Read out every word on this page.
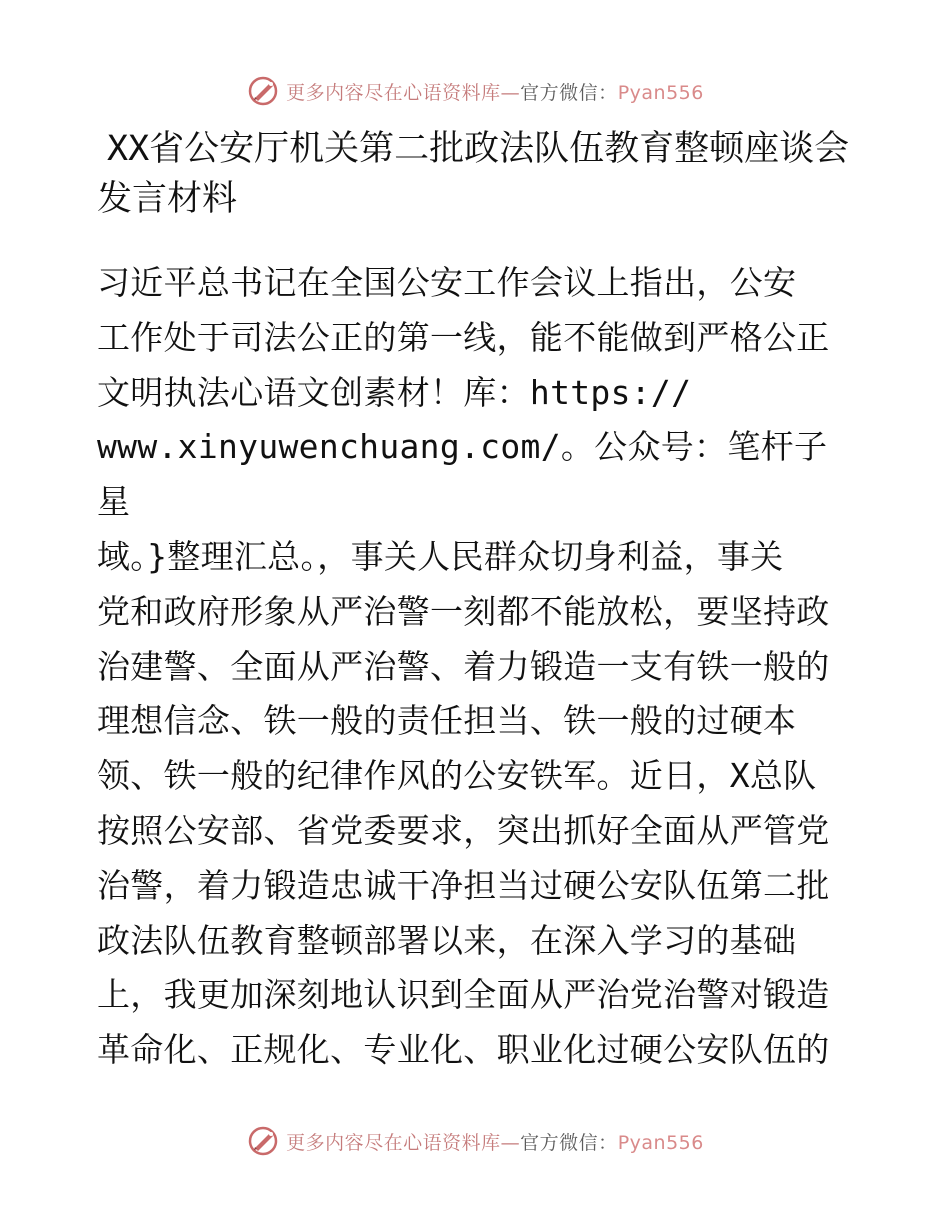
更多内容尽在心语资料库—官方微信：Pyan556
XX省公安厅机关第二批政法队伍教育整顿座谈会发言材料
习近平总书记在全国公安工作会议上指出，公安
工作处于司法公正的第一线，能不能做到严格公正
文明执法心语文创素材！库：https://
www.xinyuwenchuang.com/。公众号：笔杆子星
域。}整理汇总。，事关人民群众切身利益，事关
党和政府形象从严治警一刻都不能放松，要坚持政
治建警、全面从严治警、着力锻造一支有铁一般的
理想信念、铁一般的责任担当、铁一般的过硬本
领、铁一般的纪律作风的公安铁军。近日，X总队
按照公安部、省党委要求，突出抓好全面从严管党
治警，着力锻造忠诚干净担当过硬公安队伍第二批
政法队伍教育整顿部署以来，在深入学习的基础
上，我更加深刻地认识到全面从严治党治警对锻造
革命化、正规化、专业化、职业化过硬公安队伍的
更多内容尽在心语资料库—官方微信：Pyan556
